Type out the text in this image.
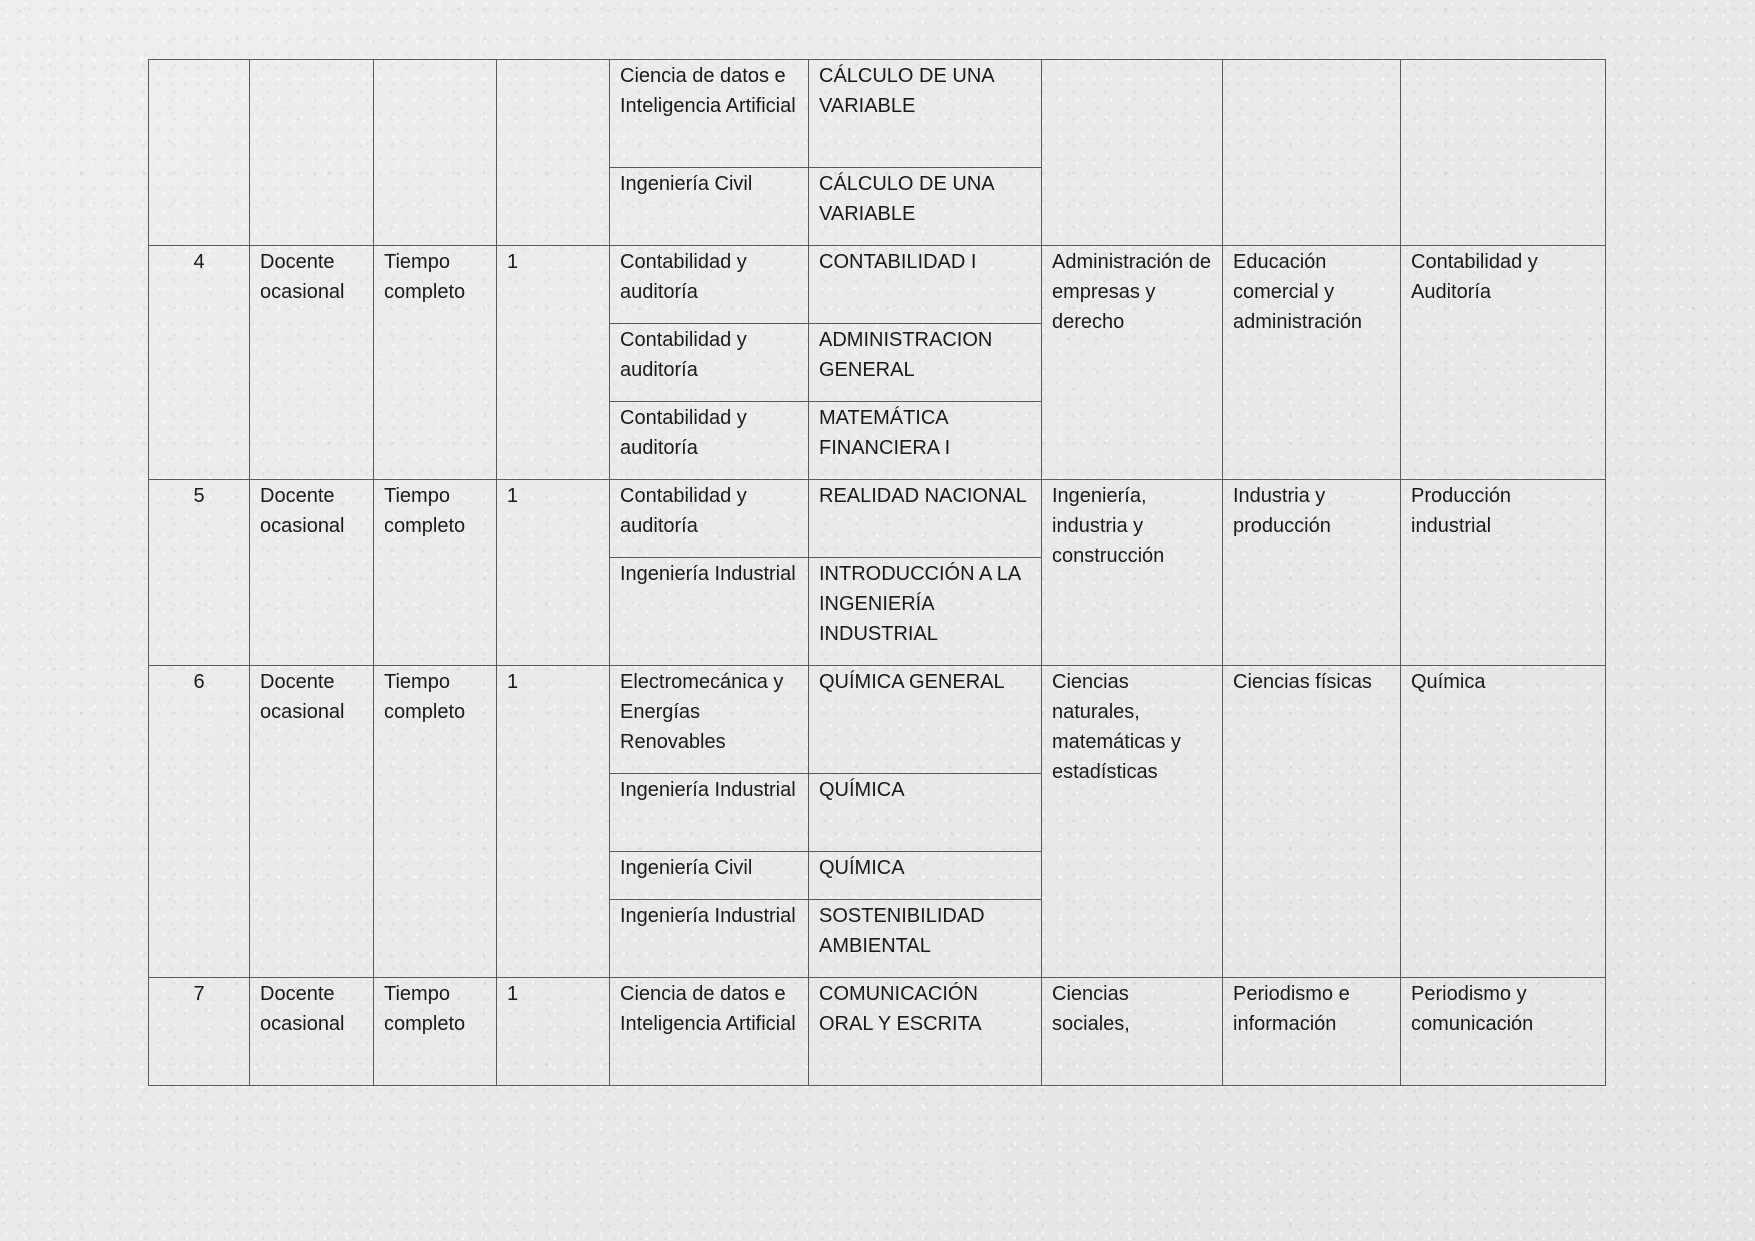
				Ciencia de datos e Inteligencia Artificial	CÁLCULO DE UNA VARIABLE			
				Ingeniería Civil	CÁLCULO DE UNA VARIABLE			
4	Docente ocasional	Tiempo completo	1	Contabilidad y auditoría	CONTABILIDAD I	Administración de empresas y derecho	Educación comercial y administración	Contabilidad y Auditoría
				Contabilidad y auditoría	ADMINISTRACION GENERAL			
				Contabilidad y auditoría	MATEMÁTICA FINANCIERA I			
5	Docente ocasional	Tiempo completo	1	Contabilidad y auditoría	REALIDAD NACIONAL	Ingeniería, industria y construcción	Industria y producción	Producción industrial
				Ingeniería Industrial	INTRODUCCIÓN A LA INGENIERÍA INDUSTRIAL			
6	Docente ocasional	Tiempo completo	1	Electromecánica y Energías Renovables	QUÍMICA GENERAL	Ciencias naturales, matemáticas y estadísticas	Ciencias físicas	Química
				Ingeniería Industrial	QUÍMICA			
				Ingeniería Civil	QUÍMICA			
				Ingeniería Industrial	SOSTENIBILIDAD AMBIENTAL			
7	Docente ocasional	Tiempo completo	1	Ciencia de datos e Inteligencia Artificial	COMUNICACIÓN ORAL Y ESCRITA	Ciencias sociales,	Periodismo e información	Periodismo y comunicación
